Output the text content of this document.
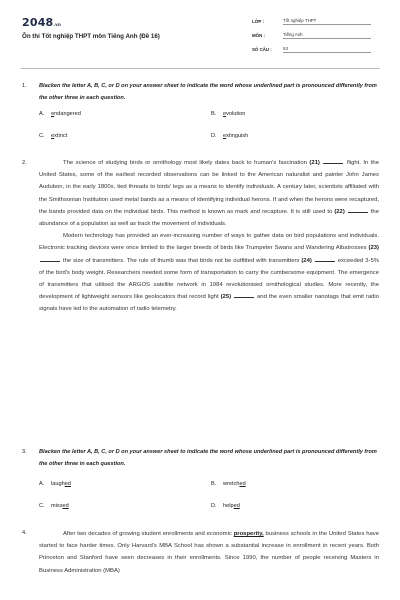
2048.vn
Ôn thi Tốt nghiệp THPT môn Tiếng Anh (Đề 16)
LỚP :	Tốt nghiệp THPT
MÔN :	Tiếng Anh
SỐ CÂU :	53
1. Blacken the letter A, B, C, or D on your answer sheet to indicate the word whose underlined part is pronounced differently from the other three in each question.
A. endangered	B. evolution
C. extinct	D. extinguish
2.	The science of studying birds or ornithology most likely dates back to human's fascination (21)	flight. In the United States, some of the earliest recorded observations can be linked to the American naturalist and painter John James Audubon, in the early 1800s, tied threads to birds' legs as a means to identify individuals. A century later, scientists affiliated with the Smithsonian Institution used metal bands as a means of identifying individual herons. If and when the herons were recaptured, the bands provided data on the individual birds. This method is known as mark and recapture. It is still used to (22)	the abundance of a population as well as track the movement of individuals.

Modern technology has provided an ever-increasing number of ways to gather data on bird populations and individuals. Electronic tracking devices were once limited to the larger breeds of birds like Trumpeter Swans and Wandering Albatrosses (23)  the size of transmitters. The rule of thumb was that birds not be outfitted with transmitters (24)	exceeded 3-5% of the bird's body weight. Researchers needed some form of transportation to carry the cumbersome equipment. The emergence of transmitters that utilised the ARGOS satellite network in 1984 revolutionised ornithological studies. More recently, the development of lightweight sensors like geolocators that record light (25)	and the even smaller nanotags that emit radio signals have led to the automation of radio telemetry.

3. Blacken the letter A, B, C, or D on your answer sheet to indicate the word whose underlined part is pronounced differently from the other three in each question.
A. laughed	B. wretched
C. missed	D. helped
4.	After two decades of growing student enrollments and economic prosperity, business schools in the United States have started to face harder times. Only Harvard's MBA School has shown a substantial increase in enrollment in recent years. Both Princeton and Stanford have seen decreases in their enrollments. Since 1990, the number of people receiving Masters in Business Administration (MBA)
